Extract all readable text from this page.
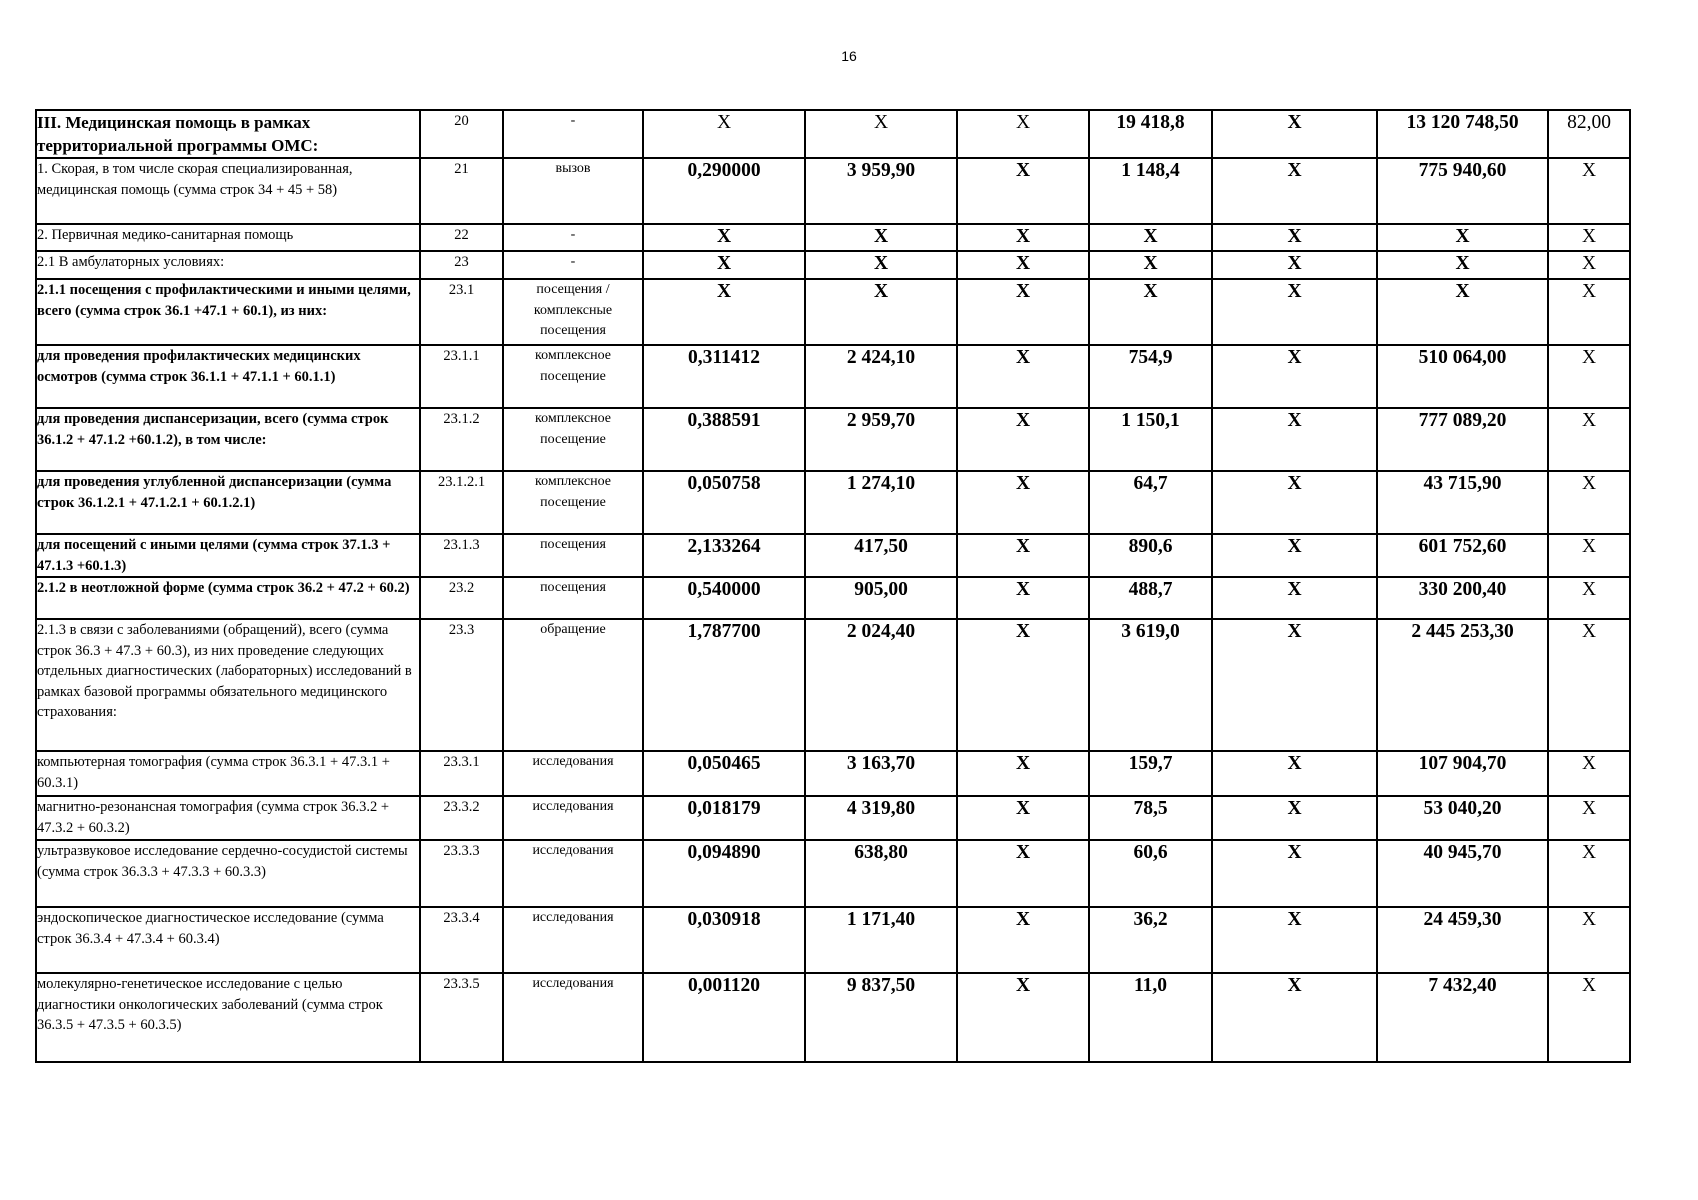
16
III. Медицинская помощь в рамках территориальной программы ОМС:	20	-	X	X	X	19 418,8	X	13 120 748,50	82,00
1. Скорая, в том числе скорая специализированная, медицинская помощь (сумма строк 34 + 45 + 58)	21	вызов	0,290000	3 959,90	X	1 148,4	X	775 940,60	X
2. Первичная медико-санитарная помощь	22	-	X	X	X	X	X	X	X
2.1 В амбулаторных условиях:	23	-	X	X	X	X	X	X	X
2.1.1 посещения с профилактическими и иными целями, всего (сумма строк 36.1 +47.1 + 60.1), из них:	23.1	посещения / комплексные посещения	X	X	X	X	X	X	X
для проведения профилактических медицинских осмотров (сумма строк 36.1.1 + 47.1.1 + 60.1.1)	23.1.1	комплексное посещение	0,311412	2 424,10	X	754,9	X	510 064,00	X
для проведения диспансеризации, всего (сумма строк 36.1.2 + 47.1.2 +60.1.2), в том числе:	23.1.2	комплексное посещение	0,388591	2 959,70	X	1 150,1	X	777 089,20	X
для проведения углубленной диспансеризации (сумма строк 36.1.2.1 + 47.1.2.1 + 60.1.2.1)	23.1.2.1	комплексное посещение	0,050758	1 274,10	X	64,7	X	43 715,90	X
для посещений с иными целями (сумма строк 37.1.3 + 47.1.3 +60.1.3)	23.1.3	посещения	2,133264	417,50	X	890,6	X	601 752,60	X
2.1.2 в неотложной форме (сумма строк 36.2 + 47.2 + 60.2)	23.2	посещения	0,540000	905,00	X	488,7	X	330 200,40	X
2.1.3 в связи с заболеваниями (обращений), всего (сумма строк 36.3 + 47.3 + 60.3), из них проведение следующих отдельных диагностических (лабораторных) исследований в рамках базовой программы обязательного медицинского страхования:	23.3	обращение	1,787700	2 024,40	X	3 619,0	X	2 445 253,30	X
компьютерная томография (сумма строк 36.3.1 + 47.3.1 + 60.3.1)	23.3.1	исследования	0,050465	3 163,70	X	159,7	X	107 904,70	X
магнитно-резонансная томография (сумма строк 36.3.2 + 47.3.2 + 60.3.2)	23.3.2	исследования	0,018179	4 319,80	X	78,5	X	53 040,20	X
ультразвуковое исследование сердечно-сосудистой системы (сумма строк 36.3.3 + 47.3.3 + 60.3.3)	23.3.3	исследования	0,094890	638,80	X	60,6	X	40 945,70	X
эндоскопическое диагностическое исследование (сумма строк 36.3.4 + 47.3.4 + 60.3.4)	23.3.4	исследования	0,030918	1 171,40	X	36,2	X	24 459,30	X
молекулярно-генетическое исследование с целью диагностики онкологических заболеваний (сумма строк 36.3.5 + 47.3.5 + 60.3.5)	23.3.5	исследования	0,001120	9 837,50	X	11,0	X	7 432,40	X
